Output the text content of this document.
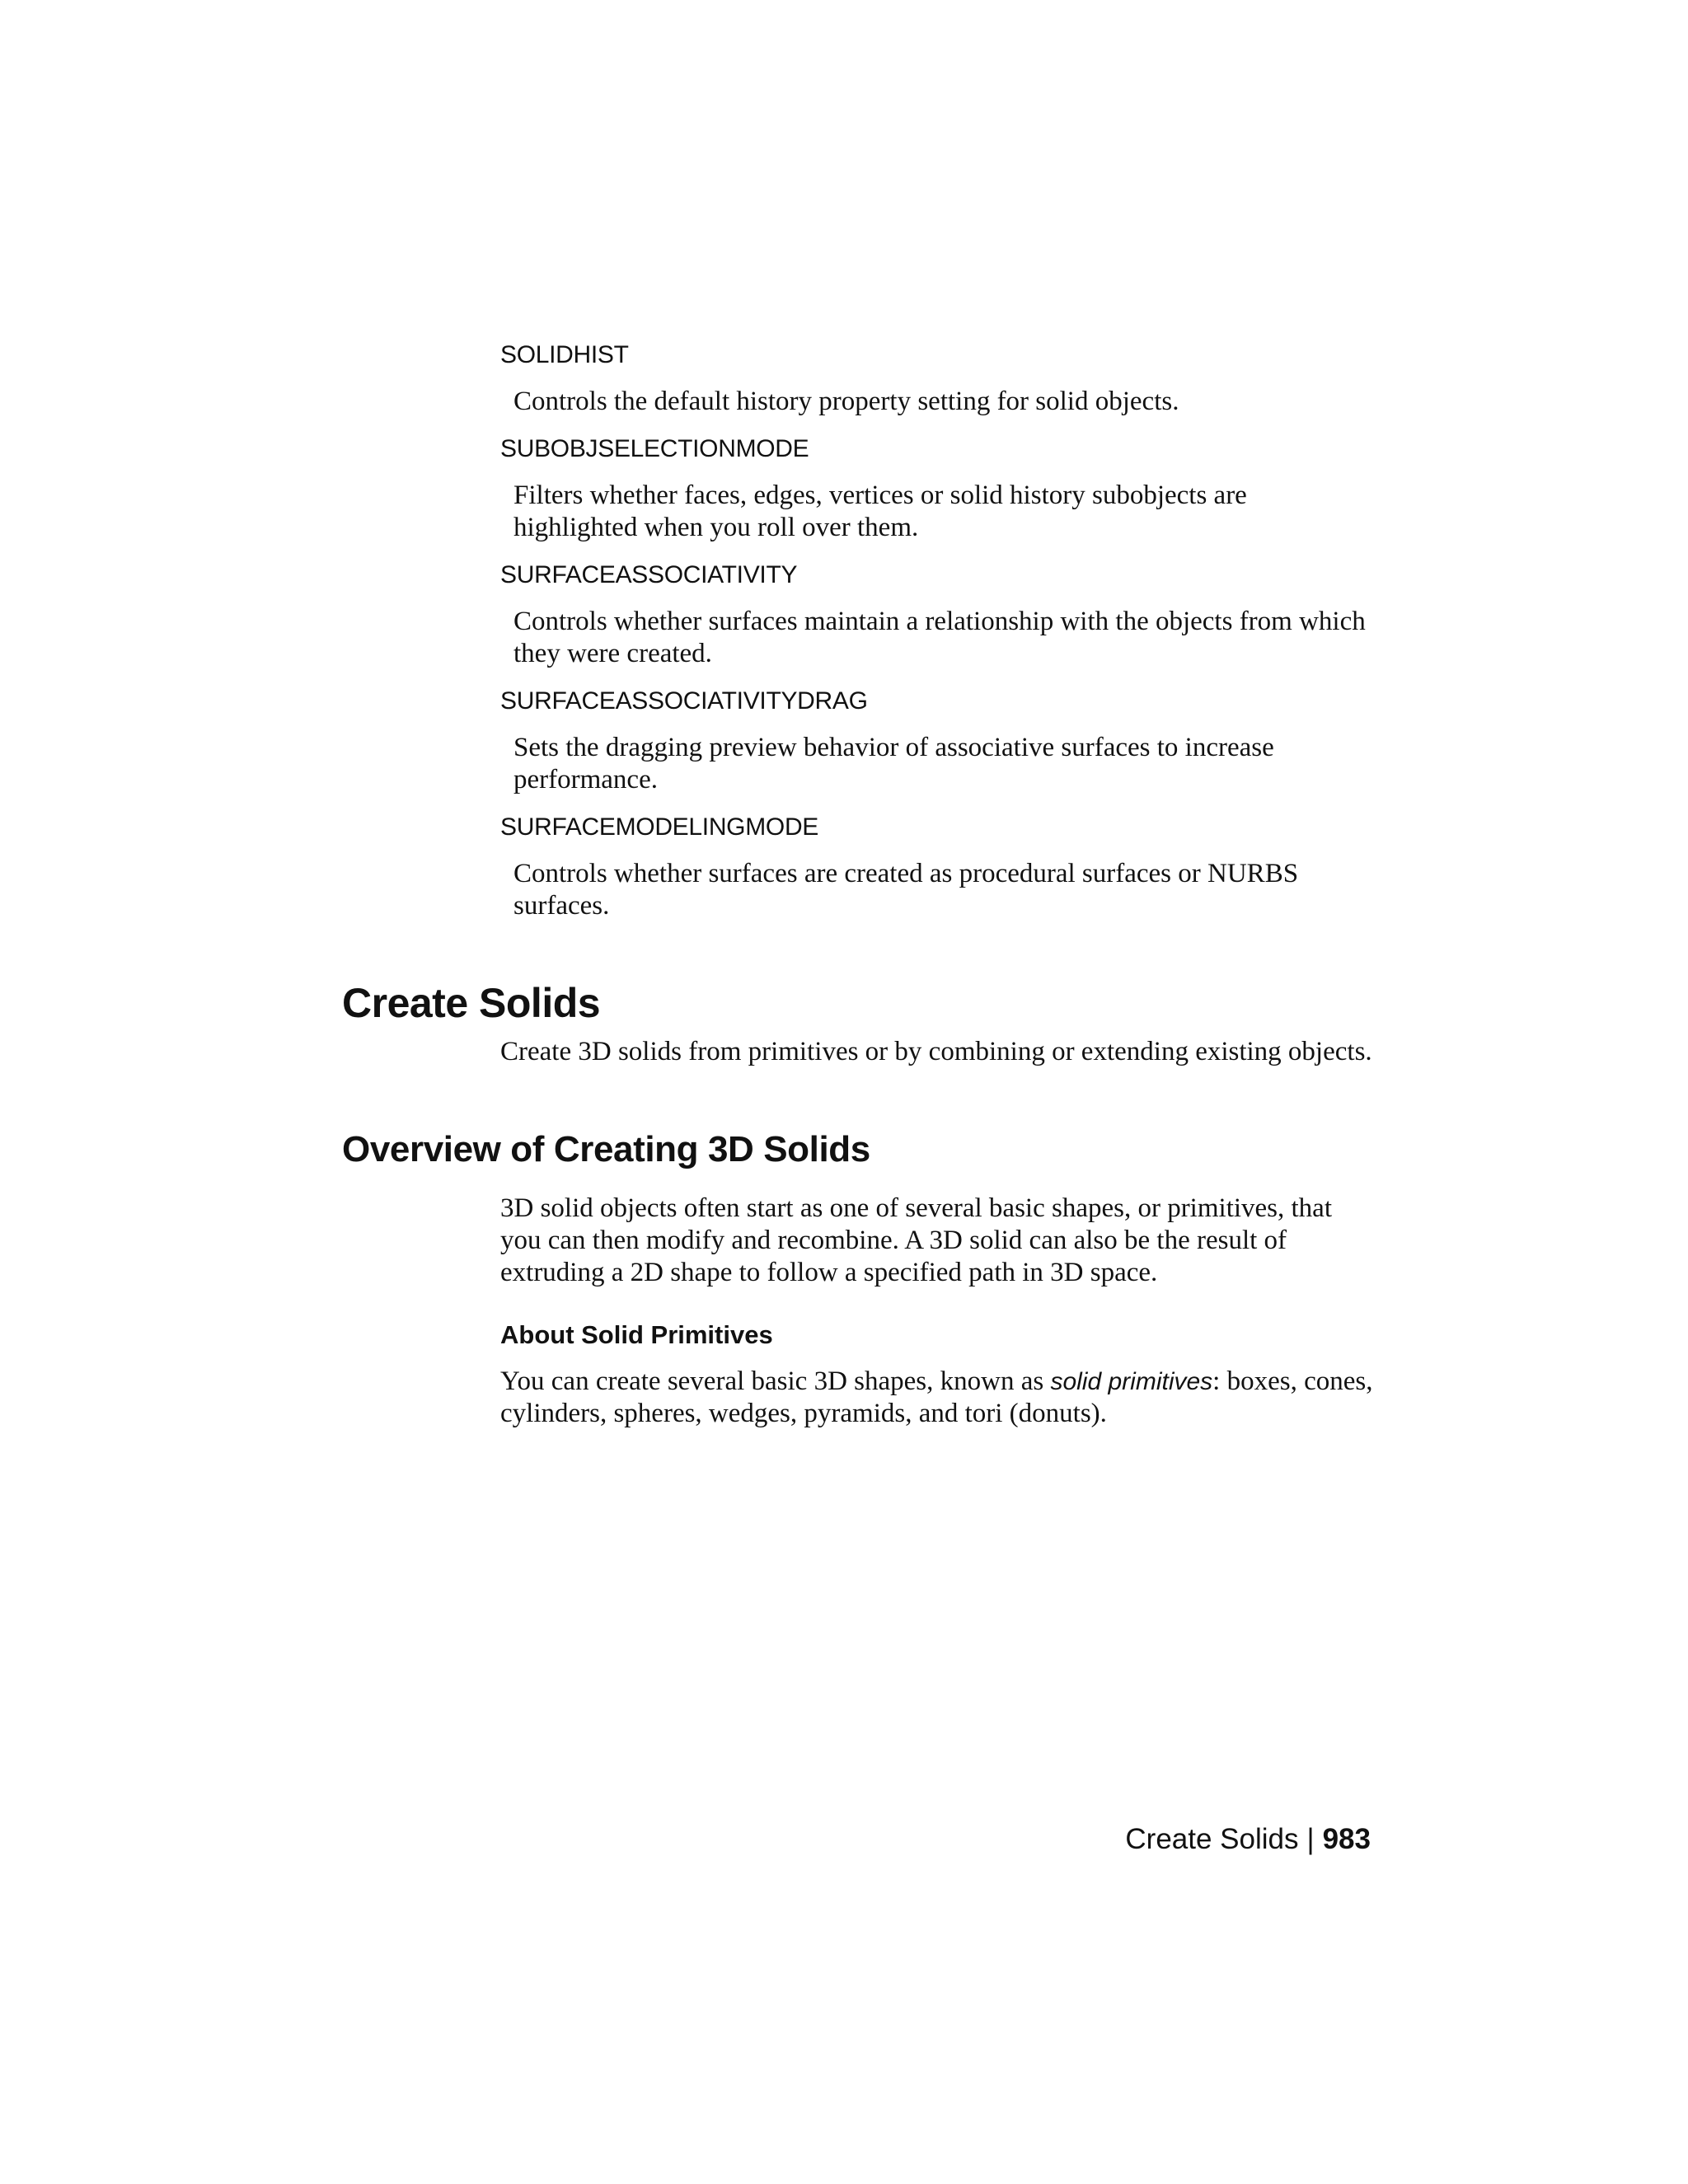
SOLIDHIST

Controls the default history property setting for solid objects.

SUBOBJSELECTIONMODE

Filters whether faces, edges, vertices or solid history subobjects are highlighted when you roll over them.

SURFACEASSOCIATIVITY

Controls whether surfaces maintain a relationship with the objects from which they were created.

SURFACEASSOCIATIVITYDRAG

Sets the dragging preview behavior of associative surfaces to increase performance.

SURFACEMODELINGMODE

Controls whether surfaces are created as procedural surfaces or NURBS surfaces.

Create Solids

Create 3D solids from primitives or by combining or extending existing objects.

Overview of Creating 3D Solids

3D solid objects often start as one of several basic shapes, or primitives, that you can then modify and recombine. A 3D solid can also be the result of extruding a 2D shape to follow a specified path in 3D space.

About Solid Primitives

You can create several basic 3D shapes, known as solid primitives: boxes, cones, cylinders, spheres, wedges, pyramids, and tori (donuts).

Create Solids | 983
